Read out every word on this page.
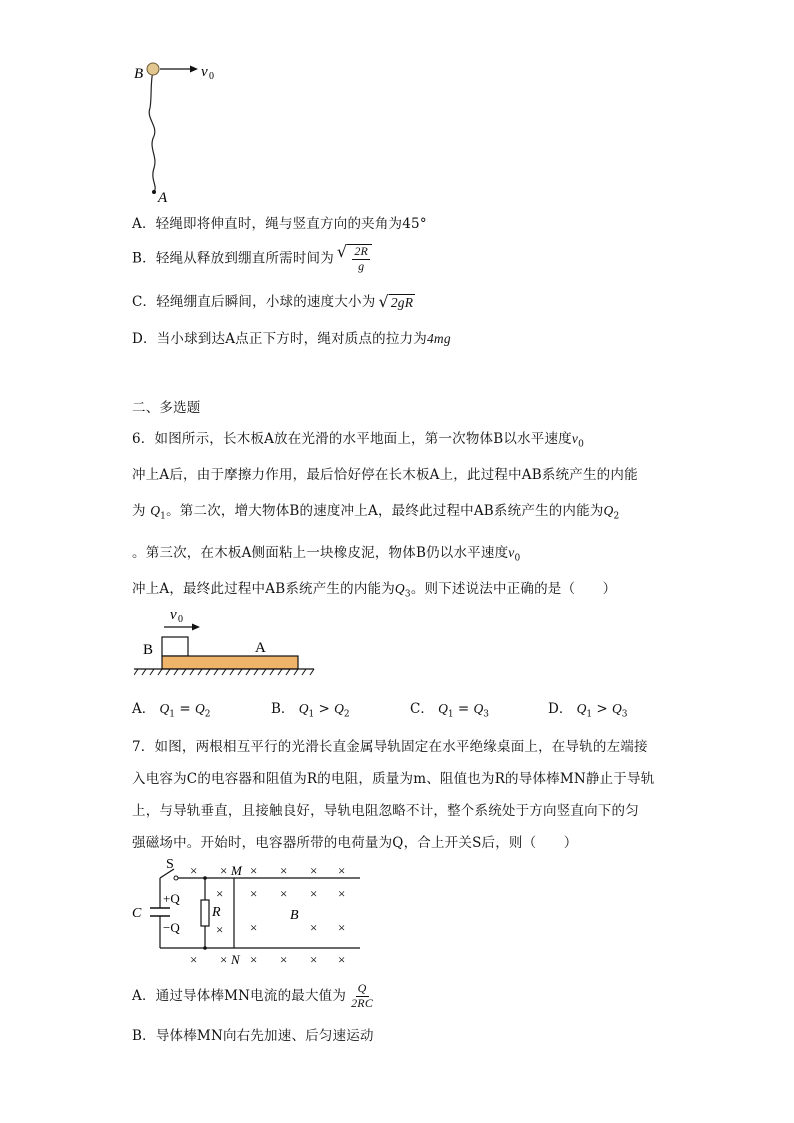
B	v 0
A
A．轻绳即将伸直时，绳与竖直方向的夹角为45°
B．轻绳从释放到绷直所需时间为 √ $\frac{2R}{g}$
C．轻绳绷直后瞬间，小球的速度大小为 √ 2gR
D．当小球到达A点正下方时，绳对质点的拉力为4mg
二、多选题
6．如图所示，长木板A放在光滑的水平地面上，第一次物体B以水平速度$v_0$
冲上A后，由于摩擦力作用，最后恰好停在长木板A上，此过程中AB系统产生的内能
为 $Q_1$。第二次，增大物体B的速度冲上A，最终此过程中AB系统产生的内能为$Q_2$
。第三次，在木板A侧面粘上一块橡皮泥，物体B仍以水平速度$v_0$
冲上A，最终此过程中AB系统产生的内能为$Q_3$。则下述说法中正确的是（　　）
v 0
B	A
A． $Q_1 = Q_2$	B． $Q_1 > Q_2$	C． $Q_1 = Q_3$	D． $Q_1 > Q_3$
7．如图，两根相互平行的光滑长直金属导轨固定在水平绝缘桌面上，在导轨的左端接
入电容为C的电容器和阻值为R的电阻，质量为m、阻值也为R的导体棒MN静止于导轨
上，与导轨垂直，且接触良好，导轨电阻忽略不计，整个系统处于方向竖直向下的匀
强磁场中。开始时，电容器所带的电荷量为Q，合上开关S后，则（　　）
S
C
+Q
−Q
R
M
N
B
× × × × × ×
× × × ×
×
×	× ×
×
× × × × × ×
A．通过导体棒MN电流的最大值为 $\frac{Q}{2RC}$
B．导体棒MN向右先加速、后匀速运动
